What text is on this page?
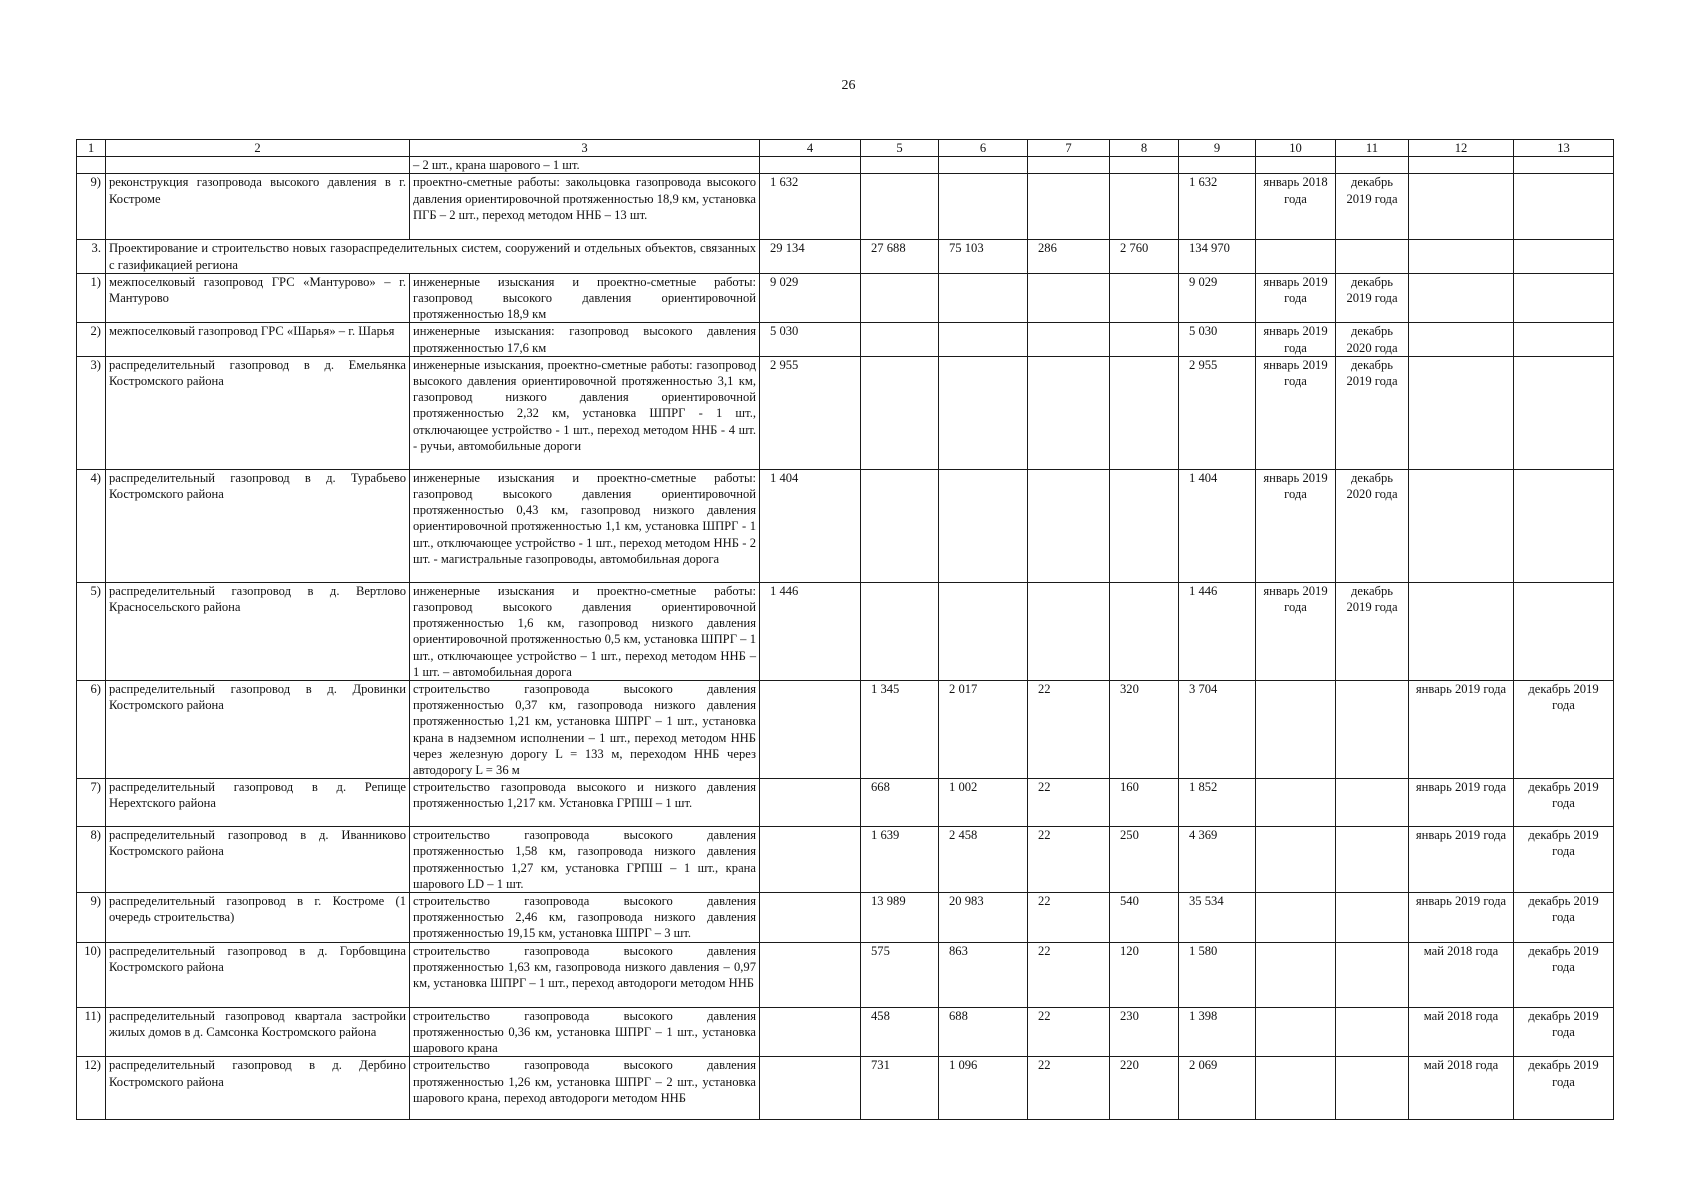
26
1	2	3	4	5	6	7	8	9	10	11	12	13
		– 2 шт., крана шарового – 1 шт.										
9)	реконструкция газопровода высокого давления в г. Костроме	проектно-сметные работы: закольцовка газопровода высокого давления ориентировочной протяженностью 18,9 км, установка ПГБ – 2 шт., переход методом ННБ – 13 шт.	1 632					1 632	январь 2018 года	декабрь 2019 года		

3.	Проектирование и строительство новых газораспределительных систем, сооружений и отдельных объектов, связанных с газификацией региона		29 134	27 688	75 103	286	2 760	134 970				
1)	межпоселковый газопровод ГРС «Мантурово» – г. Мантурово	инженерные изыскания и проектно-сметные работы: газопровод высокого давления ориентировочной протяженностью 18,9 км	9 029					9 029	январь 2019 года	декабрь 2019 года		

2)	межпоселковый газопровод ГРС «Шарья» – г. Шарья	инженерные изыскания: газопровод высокого давления протяженностью 17,6 км	5 030					5 030	январь 2019 года	декабрь 2020 года		

3)	распределительный газопровод в д. Емельянка Костромского района	инженерные изыскания, проектно-сметные работы: газопровод высокого давления ориентировочной протяженностью 3,1 км, газопровод низкого давления ориентировочной протяженностью 2,32 км, установка ШПРГ - 1 шт., отключающее устройство - 1 шт., переход методом ННБ - 4 шт. - ручьи, автомобильные дороги	2 955					2 955	январь 2019 года	декабрь 2019 года		

4)	распределительный газопровод в д. Турабьево Костромского района	инженерные изыскания и проектно-сметные работы: газопровод высокого давления ориентировочной протяженностью 0,43 км, газопровод низкого давления ориентировочной протяженностью 1,1 км, установка ШПРГ - 1 шт., отключающее устройство - 1 шт., переход методом ННБ - 2 шт. - магистральные газопроводы, автомобильная дорога	1 404					1 404	январь 2019 года	декабрь 2020 года		

5)	распределительный газопровод в д. Вертлово Красносельского района	инженерные изыскания и проектно-сметные работы: газопровод высокого давления ориентировочной протяженностью 1,6 км, газопровод низкого давления ориентировочной протяженностью 0,5 км, установка ШПРГ – 1 шт., отключающее устройство – 1 шт., переход методом ННБ – 1 шт. – автомобильная дорога	1 446					1 446	январь 2019 года	декабрь 2019 года		

6)	распределительный газопровод в д. Дровинки Костромского района	строительство газопровода высокого давления протяженностью 0,37 км, газопровода низкого давления протяженностью 1,21 км, установка ШПРГ – 1 шт., установка крана в надземном исполнении – 1 шт., переход методом ННБ через железную дорогу L = 133 м, переходом ННБ через автодорогу L = 36 м		1 345	2 017	22	320	3 704			январь 2019 года	декабрь 2019 года

7)	распределительный газопровод в д. Репище Нерехтского района	строительство газопровода высокого и низкого давления протяженностью 1,217 км. Установка ГРПШ – 1 шт.		668	1 002	22	160	1 852			январь 2019 года	декабрь 2019 года

8)	распределительный газопровод в д. Иванниково Костромского района	строительство газопровода высокого давления протяженностью 1,58 км, газопровода низкого давления протяженностью 1,27 км, установка ГРПШ – 1 шт., крана шарового LD – 1 шт.		1 639	2 458	22	250	4 369			январь 2019 года	декабрь 2019 года

9)	распределительный газопровод в г. Костроме (1 очередь строительства)	строительство газопровода высокого давления протяженностью 2,46 км, газопровода низкого давления протяженностью 19,15 км, установка ШПРГ – 3 шт.		13 989	20 983	22	540	35 534			январь 2019 года	декабрь 2019 года

10)	распределительный газопровод в д. Горбовщина Костромского района	строительство газопровода высокого давления протяженностью 1,63 км, газопровода низкого давления – 0,97 км, установка ШПРГ – 1 шт., переход автодороги методом ННБ		575	863	22	120	1 580			май 2018 года	декабрь 2019 года

11)	распределительный газопровод квартала застройки жилых домов в д. Самсонка Костромского района	строительство газопровода высокого давления протяженностью 0,36 км, установка ШПРГ – 1 шт., установка шарового крана		458	688	22	230	1 398			май 2018 года	декабрь 2019 года

12)	распределительный газопровод в д. Дербино Костромского района	строительство газопровода высокого давления протяженностью 1,26 км, установка ШПРГ – 2 шт., установка шарового крана, переход автодороги методом ННБ		731	1 096	22	220	2 069			май 2018 года	декабрь 2019 года
